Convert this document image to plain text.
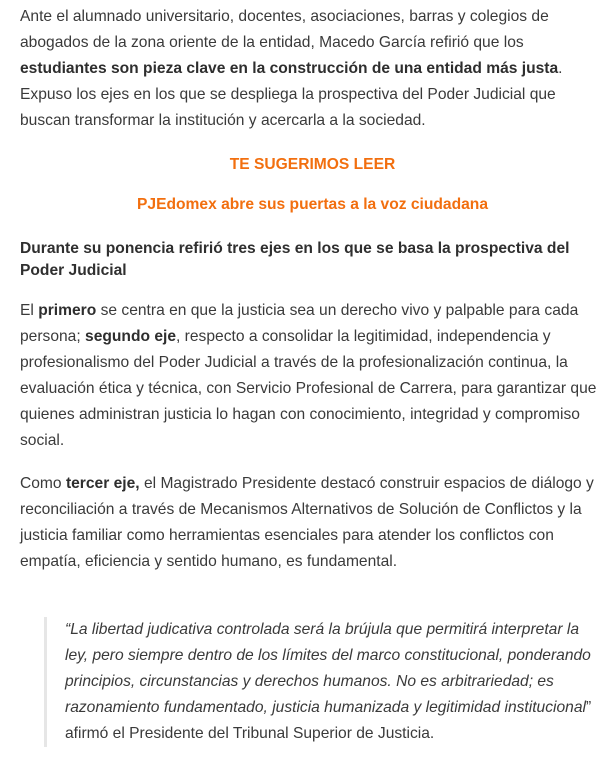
Ante el alumnado universitario, docentes, asociaciones, barras y colegios de abogados de la zona oriente de la entidad, Macedo García refirió que los estudiantes son pieza clave en la construcción de una entidad más justa. Expuso los ejes en los que se despliega la prospectiva del Poder Judicial que buscan transformar la institución y acercarla a la sociedad.

TE SUGERIMOS LEER
PJEdomex abre sus puertas a la voz ciudadana
Durante su ponencia refirió tres ejes en los que se basa la prospectiva del Poder Judicial

El primero se centra en que la justicia sea un derecho vivo y palpable para cada persona; segundo eje, respecto a consolidar la legitimidad, independencia y profesionalismo del Poder Judicial a través de la profesionalización continua, la evaluación ética y técnica, con Servicio Profesional de Carrera, para garantizar que quienes administran justicia lo hagan con conocimiento, integridad y compromiso social.

Como tercer eje, el Magistrado Presidente destacó construir espacios de diálogo y reconciliación a través de Mecanismos Alternativos de Solución de Conflictos y la justicia familiar como herramientas esenciales para atender los conflictos con empatía, eficiencia y sentido humano, es fundamental.

“La libertad judicativa controlada será la brújula que permitirá interpretar la ley, pero siempre dentro de los límites del marco constitucional, ponderando principios, circunstancias y derechos humanos. No es arbitrariedad; es razonamiento fundamentado, justicia humanizada y legitimidad institucional” afirmó el Presidente del Tribunal Superior de Justicia.
